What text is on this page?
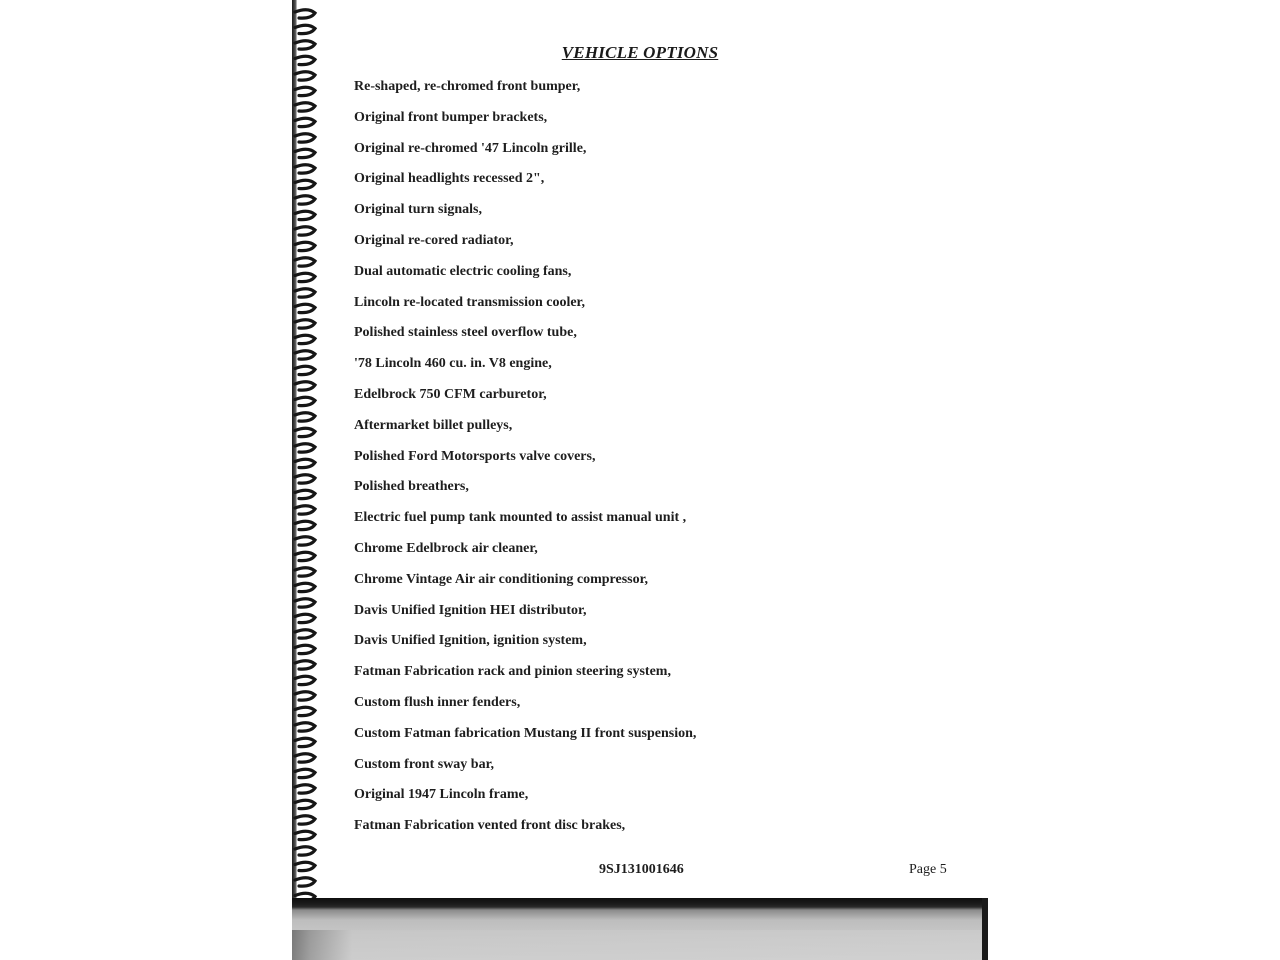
VEHICLE OPTIONS
Re-shaped, re-chromed front bumper,
Original front bumper brackets,
Original re-chromed '47 Lincoln grille,
Original headlights recessed 2",
Original turn signals,
Original re-cored radiator,
Dual automatic electric cooling fans,
Lincoln re-located transmission cooler,
Polished stainless steel overflow tube,
'78 Lincoln 460 cu. in. V8 engine,
Edelbrock 750 CFM carburetor,
Aftermarket billet pulleys,
Polished Ford Motorsports valve covers,
Polished breathers,
Electric fuel pump tank mounted to assist manual unit ,
Chrome Edelbrock air cleaner,
Chrome Vintage Air air conditioning compressor,
Davis Unified Ignition HEI distributor,
Davis Unified Ignition, ignition system,
Fatman Fabrication rack and pinion steering system,
Custom flush inner fenders,
Custom Fatman fabrication Mustang II front suspension,
Custom front sway bar,
Original 1947 Lincoln frame,
Fatman Fabrication vented front disc brakes,
9SJ131001646	Page 5
